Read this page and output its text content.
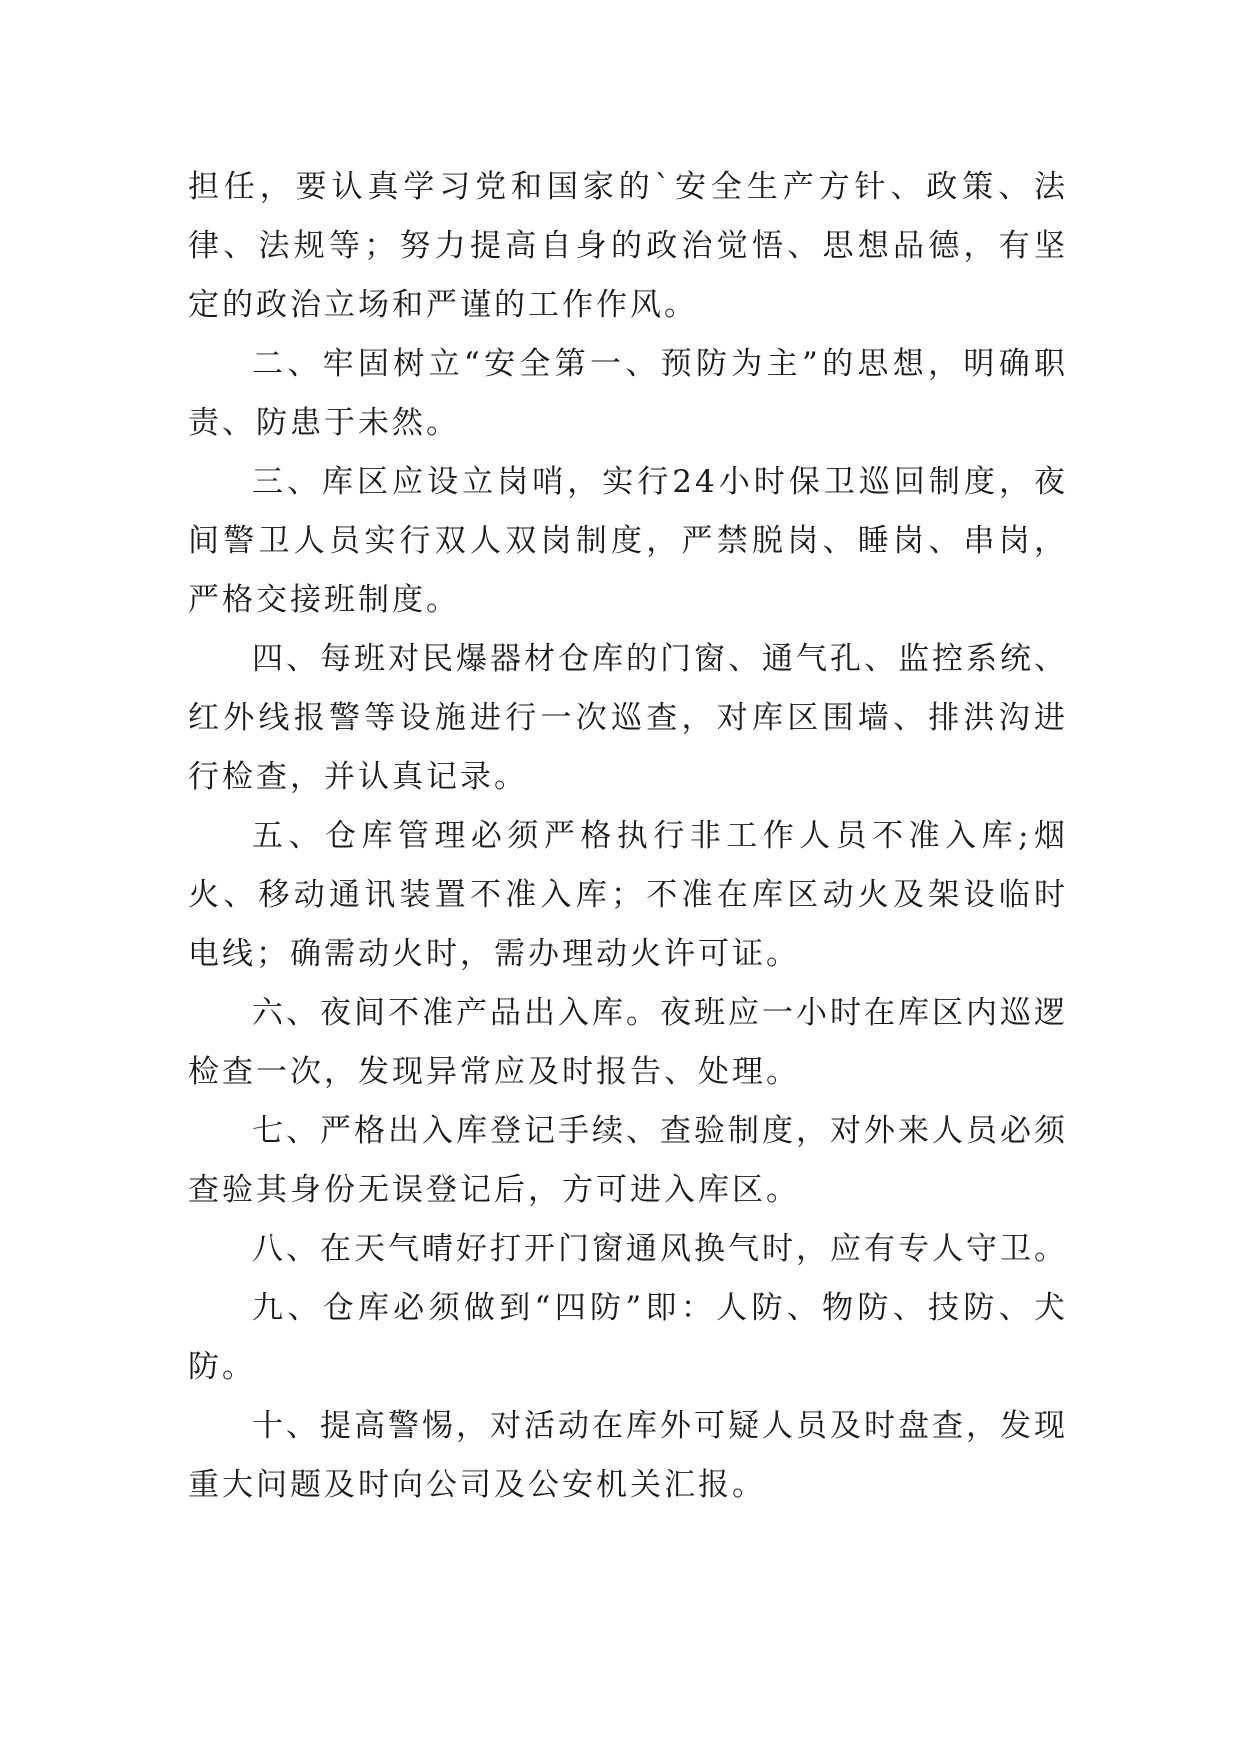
担任，要认真学习党和国家的`安全生产方针、政策、法律、法规等；努力提高自身的政治觉悟、思想品德，有坚定的政治立场和严谨的工作作风。

二、牢固树立“安全第一、预防为主”的思想，明确职责、防患于未然。

三、库区应设立岗哨，实行24小时保卫巡回制度，夜间警卫人员实行双人双岗制度，严禁脱岗、睡岗、串岗，严格交接班制度。

四、每班对民爆器材仓库的门窗、通气孔、监控系统、红外线报警等设施进行一次巡查，对库区围墙、排洪沟进行检查，并认真记录。

五、仓库管理必须严格执行非工作人员不准入库;烟火、移动通讯装置不准入库；不准在库区动火及架设临时电线；确需动火时，需办理动火许可证。

六、夜间不准产品出入库。夜班应一小时在库区内巡逻检查一次，发现异常应及时报告、处理。

七、严格出入库登记手续、查验制度，对外来人员必须查验其身份无误登记后，方可进入库区。

八、在天气晴好打开门窗通风换气时，应有专人守卫。

九、仓库必须做到“四防”即：人防、物防、技防、犬防。

十、提高警惕，对活动在库外可疑人员及时盘查，发现重大问题及时向公司及公安机关汇报。
